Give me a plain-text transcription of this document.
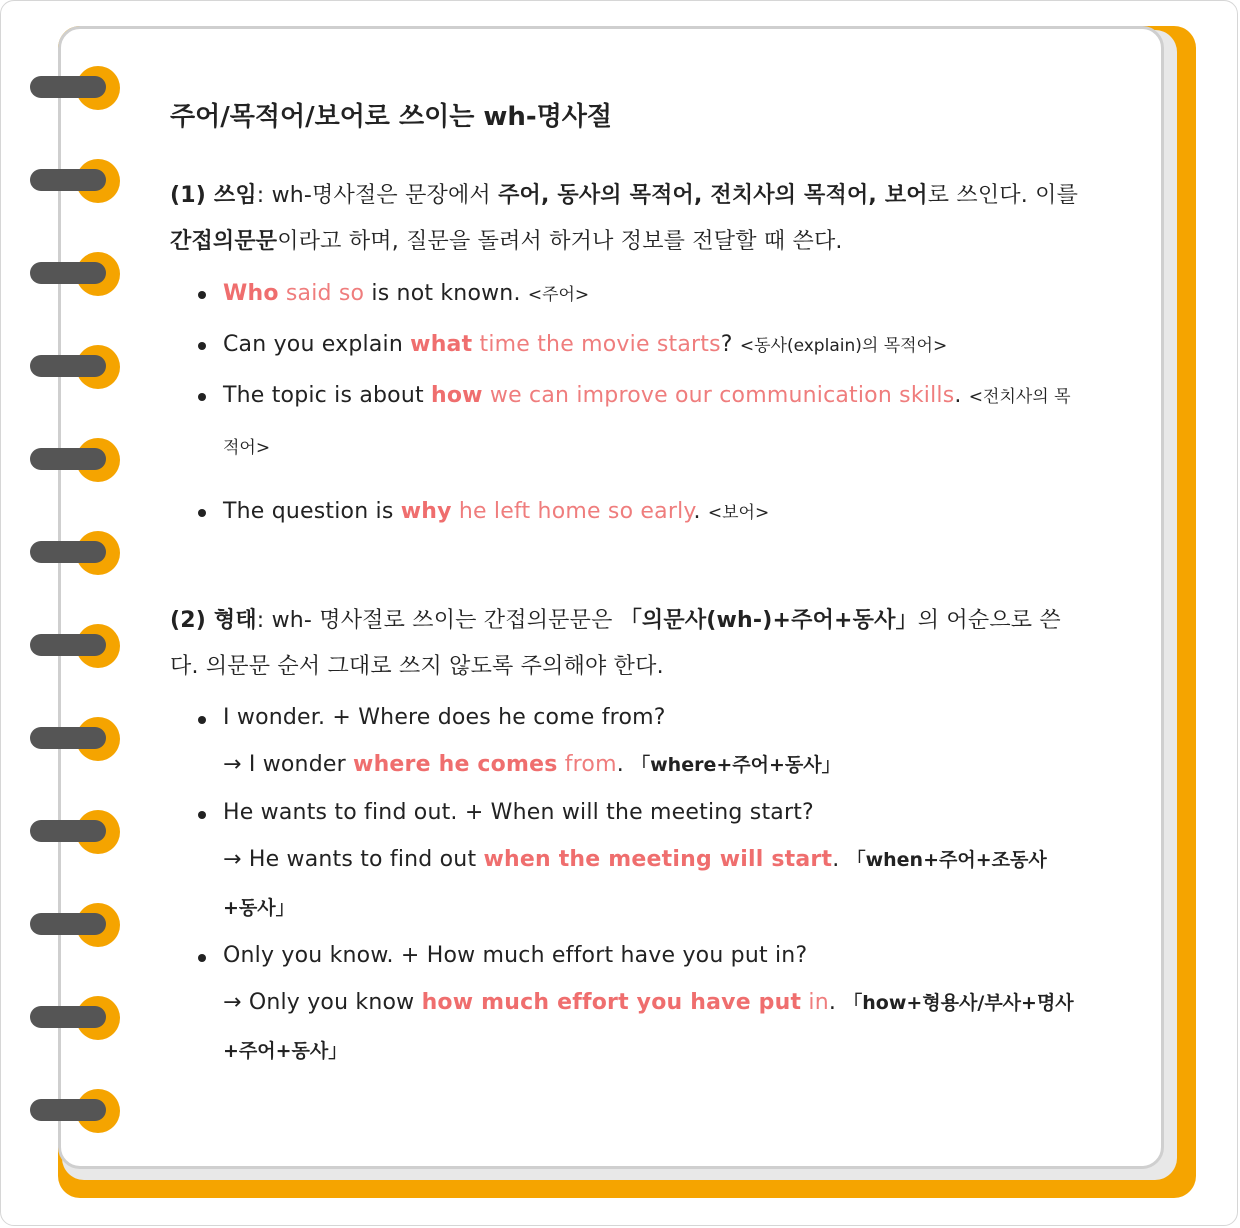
주어/목적어/보어로 쓰이는 wh-명사절

(1) 쓰임: wh-명사절은 문장에서 주어, 동사의 목적어, 전치사의 목적어, 보어로 쓰인다. 이를 간접의문문이라고 하며, 질문을 돌려서 하거나 정보를 전달할 때 쓴다.

Who said so is not known. <주어>
Can you explain what time the movie starts? <동사(explain)의 목적어>
The topic is about how we can improve our communication skills. <전치사의 목적어>
The question is why he left home so early. <보어>

(2) 형태: wh- 명사절로 쓰이는 간접의문문은 「의문사(wh-)+주어+동사」의 어순으로 쓴다. 의문문 순서 그대로 쓰지 않도록 주의해야 한다.

I wonder. + Where does he come from?
→ I wonder where he comes from. 「where+주어+동사」
He wants to find out. + When will the meeting start?
→ He wants to find out when the meeting will start. 「when+주어+조동사+동사」
Only you know. + How much effort have you put in?
→ Only you know how much effort you have put in. 「how+형용사/부사+명사+주어+동사」
